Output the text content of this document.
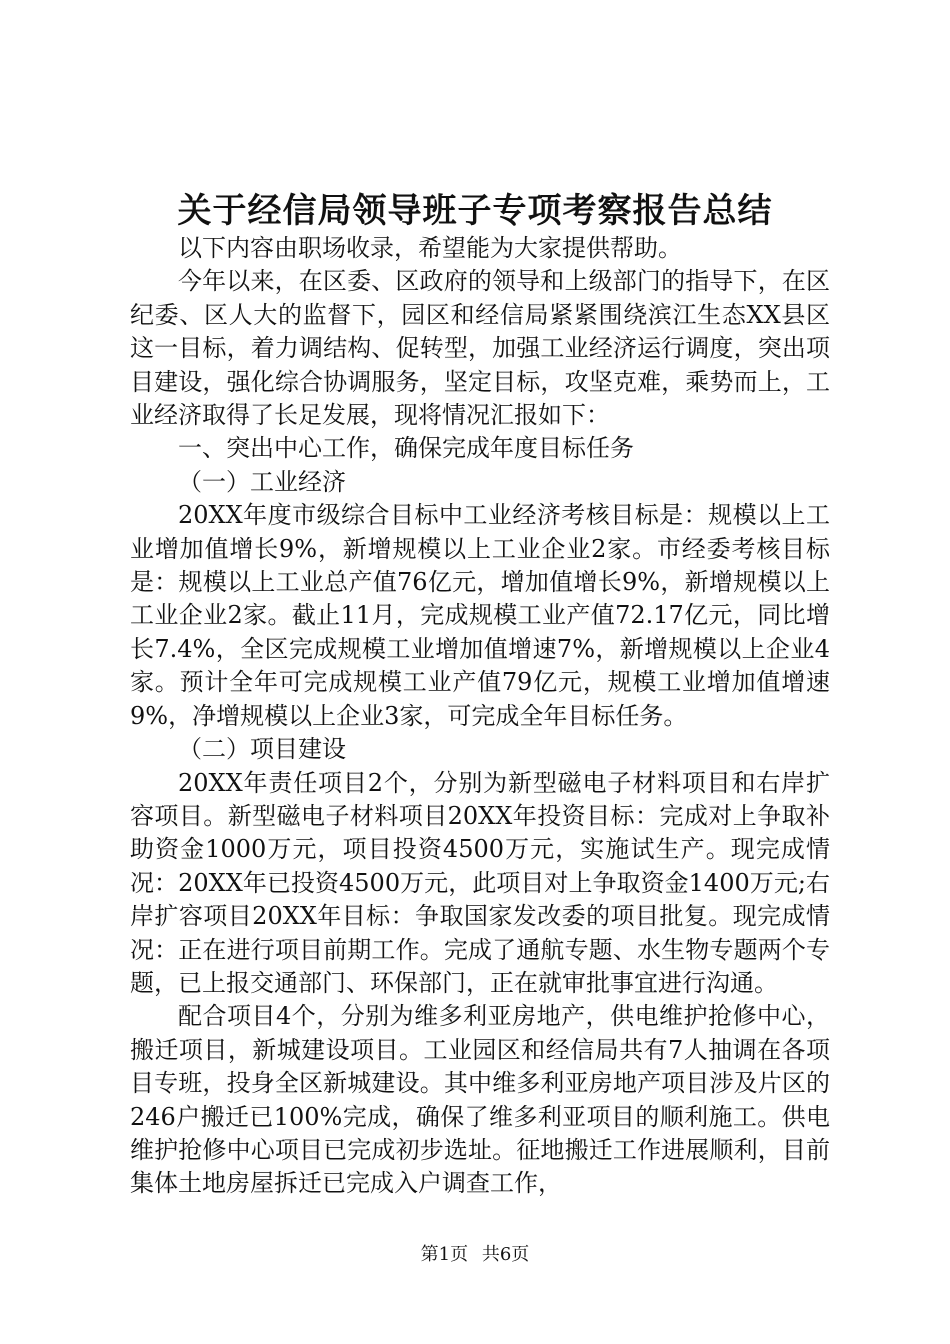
关于经信局领导班子专项考察报告总结

以下内容由职场收录，希望能为大家提供帮助。

今年以来，在区委、区政府的领导和上级部门的指导下，在区纪委、区人大的监督下，园区和经信局紧紧围绕滨江生态XX县区这一目标，着力调结构、促转型，加强工业经济运行调度，突出项目建设，强化综合协调服务，坚定目标，攻坚克难，乘势而上，工业经济取得了长足发展，现将情况汇报如下：

一、突出中心工作，确保完成年度目标任务

（一）工业经济

20XX年度市级综合目标中工业经济考核目标是：规模以上工业增加值增长9%，新增规模以上工业企业2家。市经委考核目标是：规模以上工业总产值76亿元，增加值增长9%，新增规模以上工业企业2家。截止11月，完成规模工业产值72.17亿元，同比增长7.4%，全区完成规模工业增加值增速7%，新增规模以上企业4家。预计全年可完成规模工业产值79亿元，规模工业增加值增速9%，净增规模以上企业3家，可完成全年目标任务。

（二）项目建设

20XX年责任项目2个，分别为新型磁电子材料项目和右岸扩容项目。新型磁电子材料项目20XX年投资目标：完成对上争取补助资金1000万元，项目投资4500万元，实施试生产。现完成情况：20XX年已投资4500万元，此项目对上争取资金1400万元;右岸扩容项目20XX年目标：争取国家发改委的项目批复。现完成情况：正在进行项目前期工作。完成了通航专题、水生物专题两个专题，已上报交通部门、环保部门，正在就审批事宜进行沟通。

配合项目4个，分别为维多利亚房地产，供电维护抢修中心，搬迁项目，新城建设项目。工业园区和经信局共有7人抽调在各项目专班，投身全区新城建设。其中维多利亚房地产项目涉及片区的246户搬迁已100%完成，确保了维多利亚项目的顺利施工。供电维护抢修中心项目已完成初步选址。征地搬迁工作进展顺利，目前集体土地房屋拆迁已完成入户调查工作，

第1页 共6页
